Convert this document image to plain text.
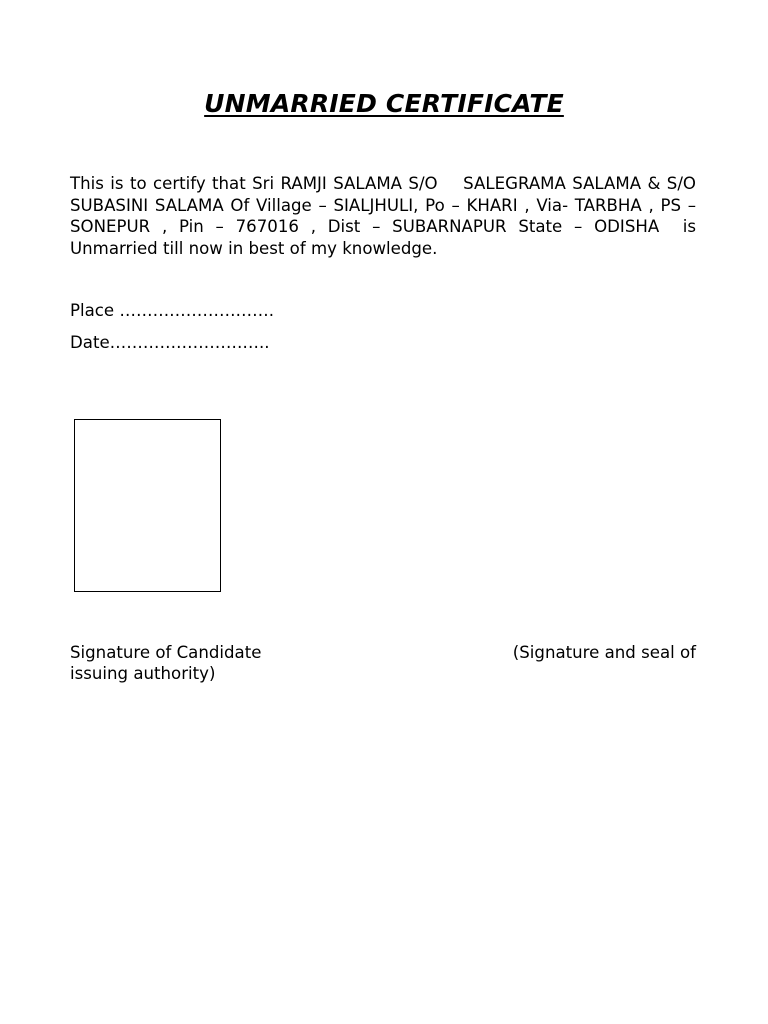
UNMARRIED CERTIFICATE
This is to certify that Sri RAMJI SALAMA S/O    SALEGRAMA SALAMA & S/O SUBASINI SALAMA Of Village – SIALJHULI, Po – KHARI , Via- TARBHA , PS – SONEPUR , Pin – 767016 , Dist – SUBARNAPUR State – ODISHA  is Unmarried till now in best of my knowledge.
Place ……………………….
Date………………………..
Signature of Candidate	(Signature and seal of
issuing authority)
